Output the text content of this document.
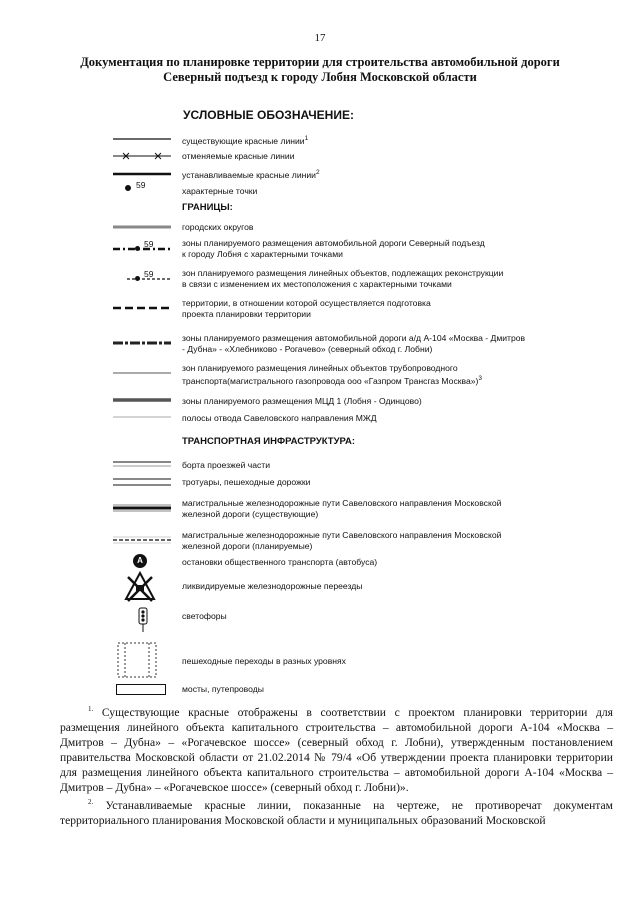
17
Документация по планировке территории для строительства автомобильной дороги
Северный подъезд к городу Лобня Московской области
УСЛОВНЫЕ ОБОЗНАЧЕНИЕ:
существующие красные линии$^1$
отменяемые красные линии
устанавливаемые красные линии$^2$
59
характерные точки
ГРАНИЦЫ:
городских округов
59	зоны планируемого размещения автомобильной дороги Северный подъезд
к городу Лобня с характерными точками
59	зон планируемого размещения линейных объектов, подлежащих реконструкции
в связи с изменением их местоположения с характерными точками
территории, в отношении которой осуществляется подготовка
проекта планировки территории
зоны планируемого размещения автомобильной дороги а/д А-104 «Москва - Дмитров
- Дубна» - «Хлебниково - Рогачево» (северный обход г. Лобни)
зон планируемого размещения линейных объектов трубопроводного
транспорта(магистрального газопровода ооо «Газпром Трансгаз Москва»)$^3$
зоны планируемого размещения МЦД 1 (Лобня - Одинцово)
полосы отвода Савеловского направления МЖД
ТРАНСПОРТНАЯ ИНФРАСТРУКТУРА:
борта проезжей части
тротуары, пешеходные дорожки
магистральные железнодорожные пути Савеловского направления Московской
железной дороги (существующие)
магистральные железнодорожные пути Савеловского направления Московской
железной дороги (планируемые)
А	остановки общественного транспорта (автобуса)
ликвидируемые железнодорожные переезды
светофоры
пешеходные переходы в разных уровнях
мосты, путепроводы

$^{1.}$ Существующие красные отображены в соответствии с проектом планировки территории для размещения линейного объекта капитального строительства – автомобильной дороги А-104 «Москва – Дмитров – Дубна» – «Рогачевское шоссе» (северный обход г. Лобни), утвержденным постановлением правительства Московской области от 21.02.2014 № 79/4 «Об утверждении проекта планировки территории для размещения линейного объекта капитального строительства – автомобильной дороги А-104 «Москва – Дмитров – Дубна» – «Рогачевское шоссе» (северный обход г. Лобни)».

$^{2.}$ Устанавливаемые красные линии, показанные на чертеже, не противоречат документам территориального планирования Московской области и муниципальных образований Московской
